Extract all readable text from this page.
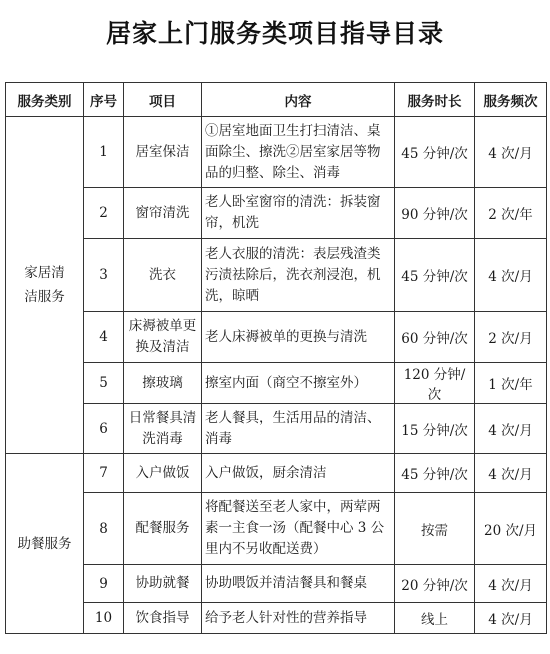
居家上门服务类项目指导目录
服务类别	序号	项目	内容	服务时长	服务频次

家居清洁服务	1	居室保洁	①居室地面卫生打扫清洁、桌面除尘、擦洗②居室家居等物品的归整、除尘、消毒	45 分钟/次	4 次/月
	2	窗帘清洗	老人卧室窗帘的清洗：拆装窗帘，机洗	90 分钟/次	2 次/年
	3	洗衣	老人衣服的清洗：表层残渣类污渍祛除后，洗衣剂浸泡，机洗，晾晒	45 分钟/次	4 次/月
	4	床褥被单更换及清洁	老人床褥被单的更换与清洗	60 分钟/次	2 次/月
	5	擦玻璃	擦室内面（商空不擦室外）	120 分钟/次	1 次/年
	6	日常餐具清洗消毒	老人餐具，生活用品的清洁、消毒	15 分钟/次	4 次/月

助餐服务	7	入户做饭	入户做饭，厨余清洁	45 分钟/次	4 次/月
	8	配餐服务	将配餐送至老人家中，两荤两素一主食一汤（配餐中心 3 公里内不另收配送费）	按需	20 次/月
	9	协助就餐	协助喂饭并清洁餐具和餐桌	20 分钟/次	4 次/月
	10	饮食指导	给予老人针对性的营养指导	线上	4 次/月
